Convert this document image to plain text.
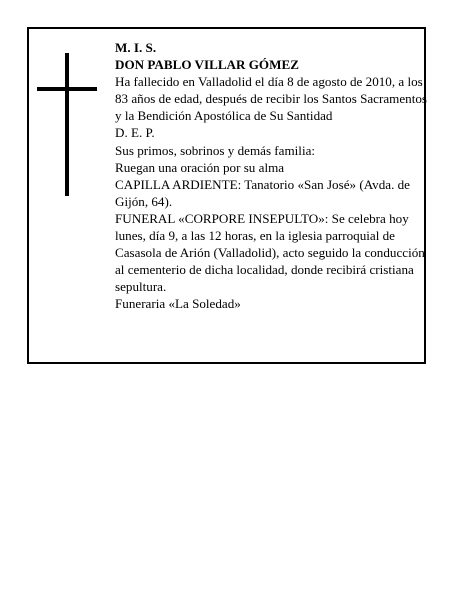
M. I. S.

DON PABLO VILLAR GÓMEZ

Ha fallecido en Valladolid el día 8 de agosto de 2010, a los 83 años de edad, después de recibir los Santos Sacramentos y la Bendición Apostólica de Su Santidad

D. E. P.

Sus primos, sobrinos y demás familia:

Ruegan una oración por su alma

CAPILLA ARDIENTE: Tanatorio «San José» (Avda. de Gijón, 64).

FUNERAL «CORPORE INSEPULTO»: Se celebra hoy lunes, día 9, a las 12 horas, en la iglesia parroquial de Casasola de Arión (Valladolid), acto seguido la conducción al cementerio de dicha localidad, donde recibirá cristiana sepultura.

Funeraria «La Soledad»
